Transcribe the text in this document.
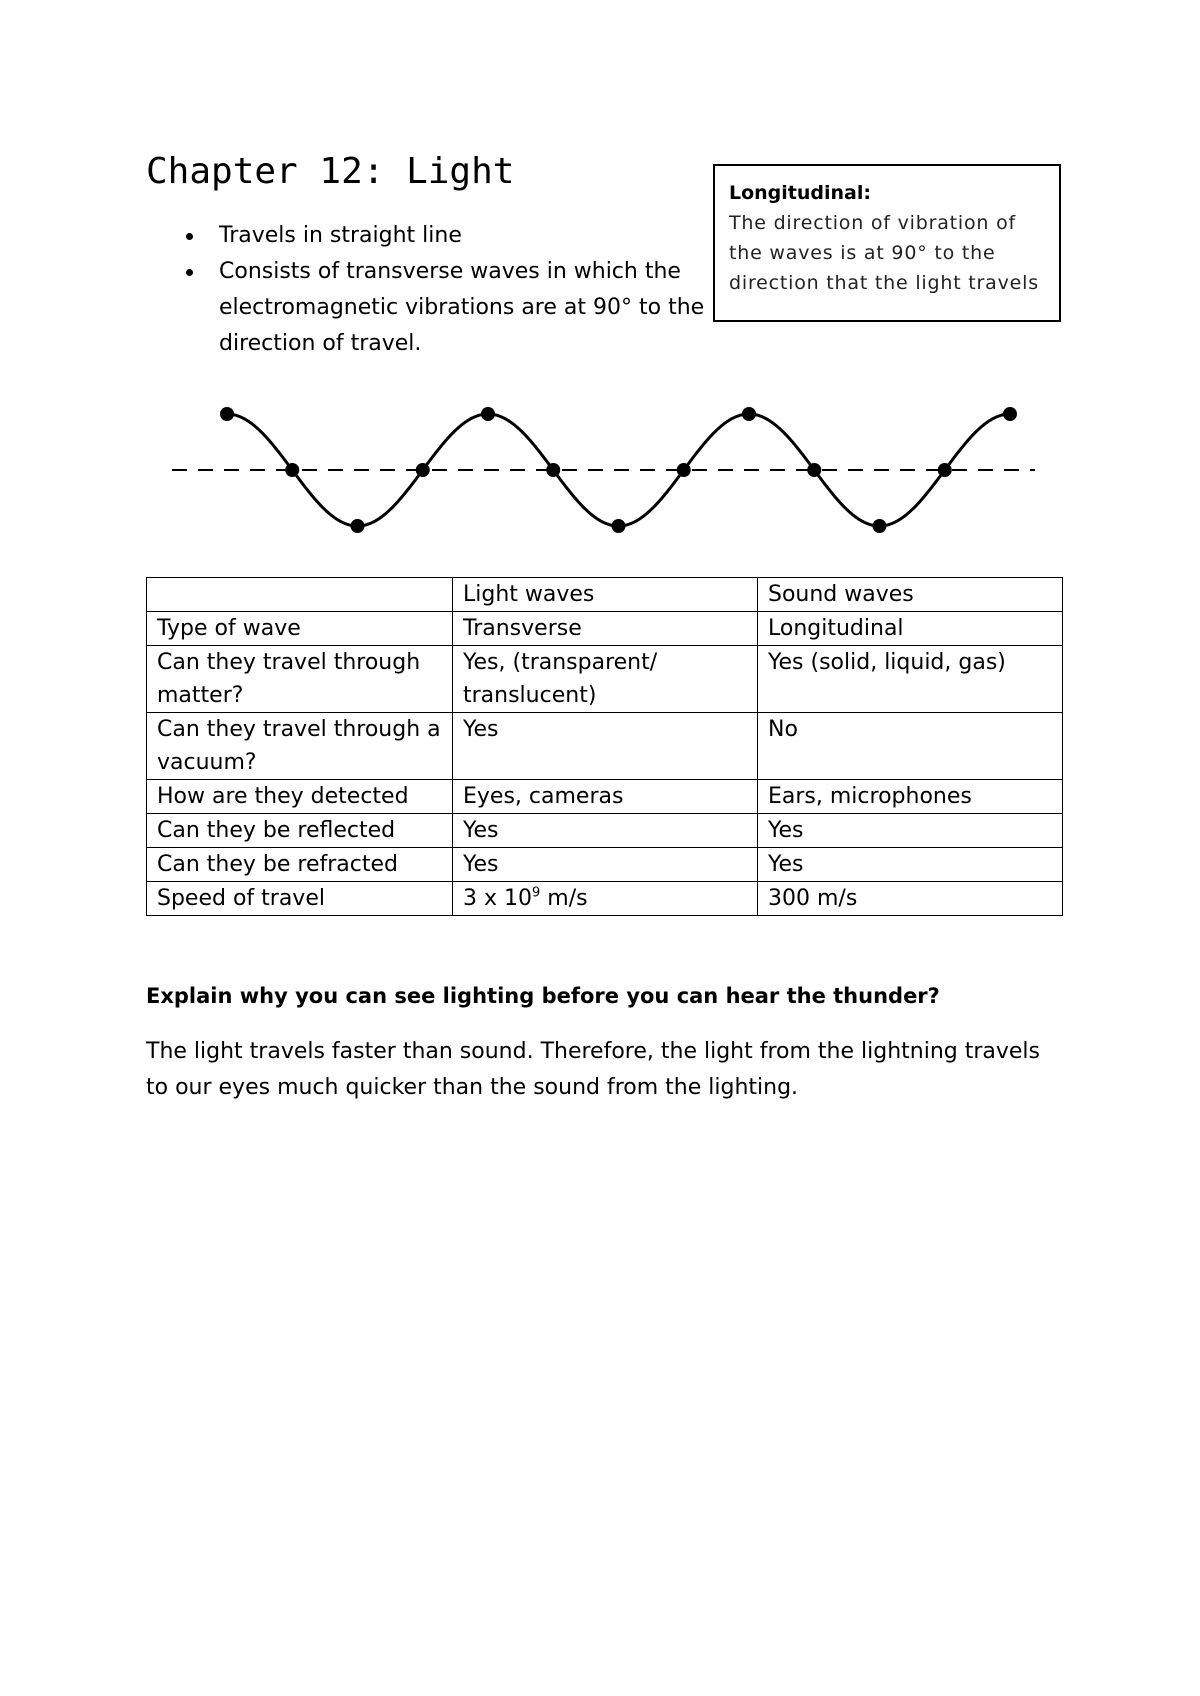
Chapter 12: Light
Travels in straight line
Consists of transverse waves in which the electromagnetic vibrations are at 90° to the direction of travel.
Longitudinal:
The direction of vibration of the waves is at 90° to the direction that the light travels
	Light waves	Sound waves
Type of wave	Transverse	Longitudinal
Can they travel through matter?	Yes, (transparent/ translucent)	Yes (solid, liquid, gas)
Can they travel through a vacuum?	Yes	No
How are they detected	Eyes, cameras	Ears, microphones
Can they be reflected	Yes	Yes
Can they be refracted	Yes	Yes
Speed of travel	3 x $10^9$ m/s	300 m/s

Explain why you can see lighting before you can hear the thunder?

The light travels faster than sound. Therefore, the light from the lightning travels to our eyes much quicker than the sound from the lighting.
